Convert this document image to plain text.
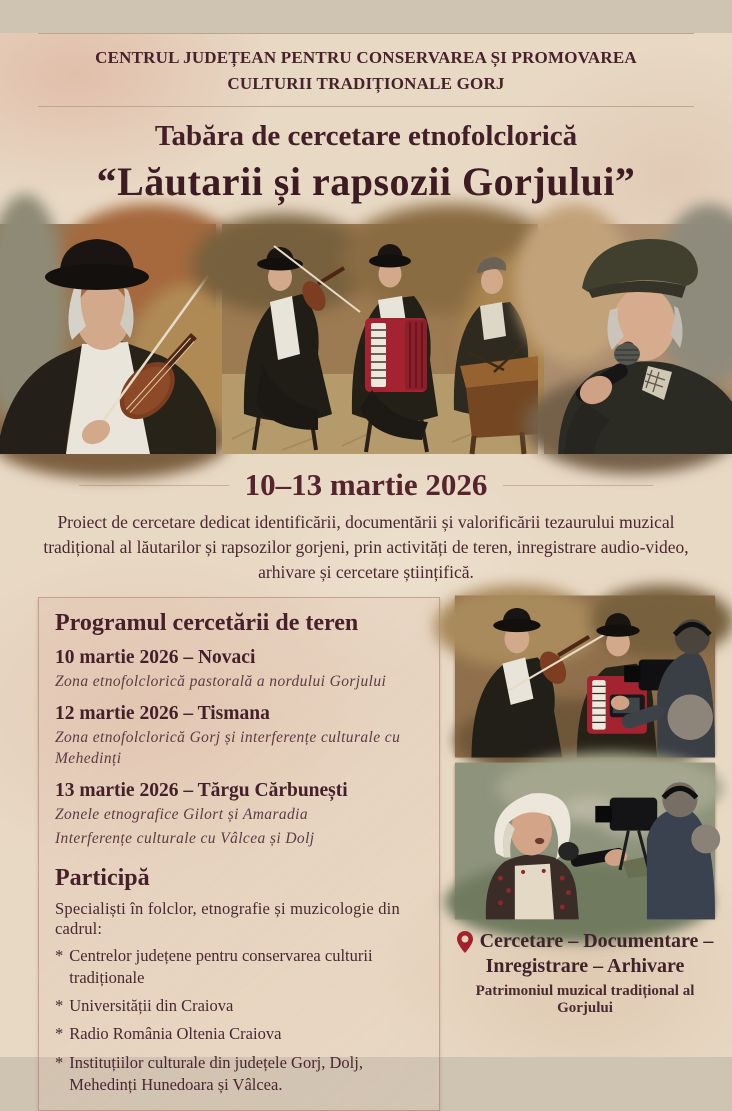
CENTRUL JUDEȚEAN PENTRU CONSERVAREA ȘI PROMOVAREA
CULTURII TRADIȚIONALE GORJ
Tabăra de cercetare etnofolclorică
“Lăutarii și rapsozii Gorjului”
10–13 martie 2026
Proiect de cercetare dedicat identificării, documentării și valorificării tezaurului muzical tradițional al lăutarilor și rapsozilor gorjeni, prin activități de teren, inregistrare audio-video, arhivare și cercetare științifică.
Programul cercetării de teren
10 martie 2026 – Novaci
Zona etnofolclorică pastorală a nordului Gorjului
12 martie 2026 – Tismana
Zona etnofolclorică Gorj și interferențe culturale cu Mehedinți
13 martie 2026 – Tărgu Cărbunești
Zonele etnografice Gilort și Amaradia
Interferențe culturale cu Vâlcea și Dolj
Participă
Specialiști în folclor, etnografie și muzicologie din cadrul:
* Centrelor județene pentru conservarea culturii tradiționale
* Universității din Craiova
* Radio România Oltenia Craiova
* Instituțiilor culturale din județele Gorj, Dolj, Mehedinți Hunedoara și Vâlcea.
Cercetare – Documentare –
Inregistrare – Arhivare
Patrimoniul muzical tradițional al Gorjului
